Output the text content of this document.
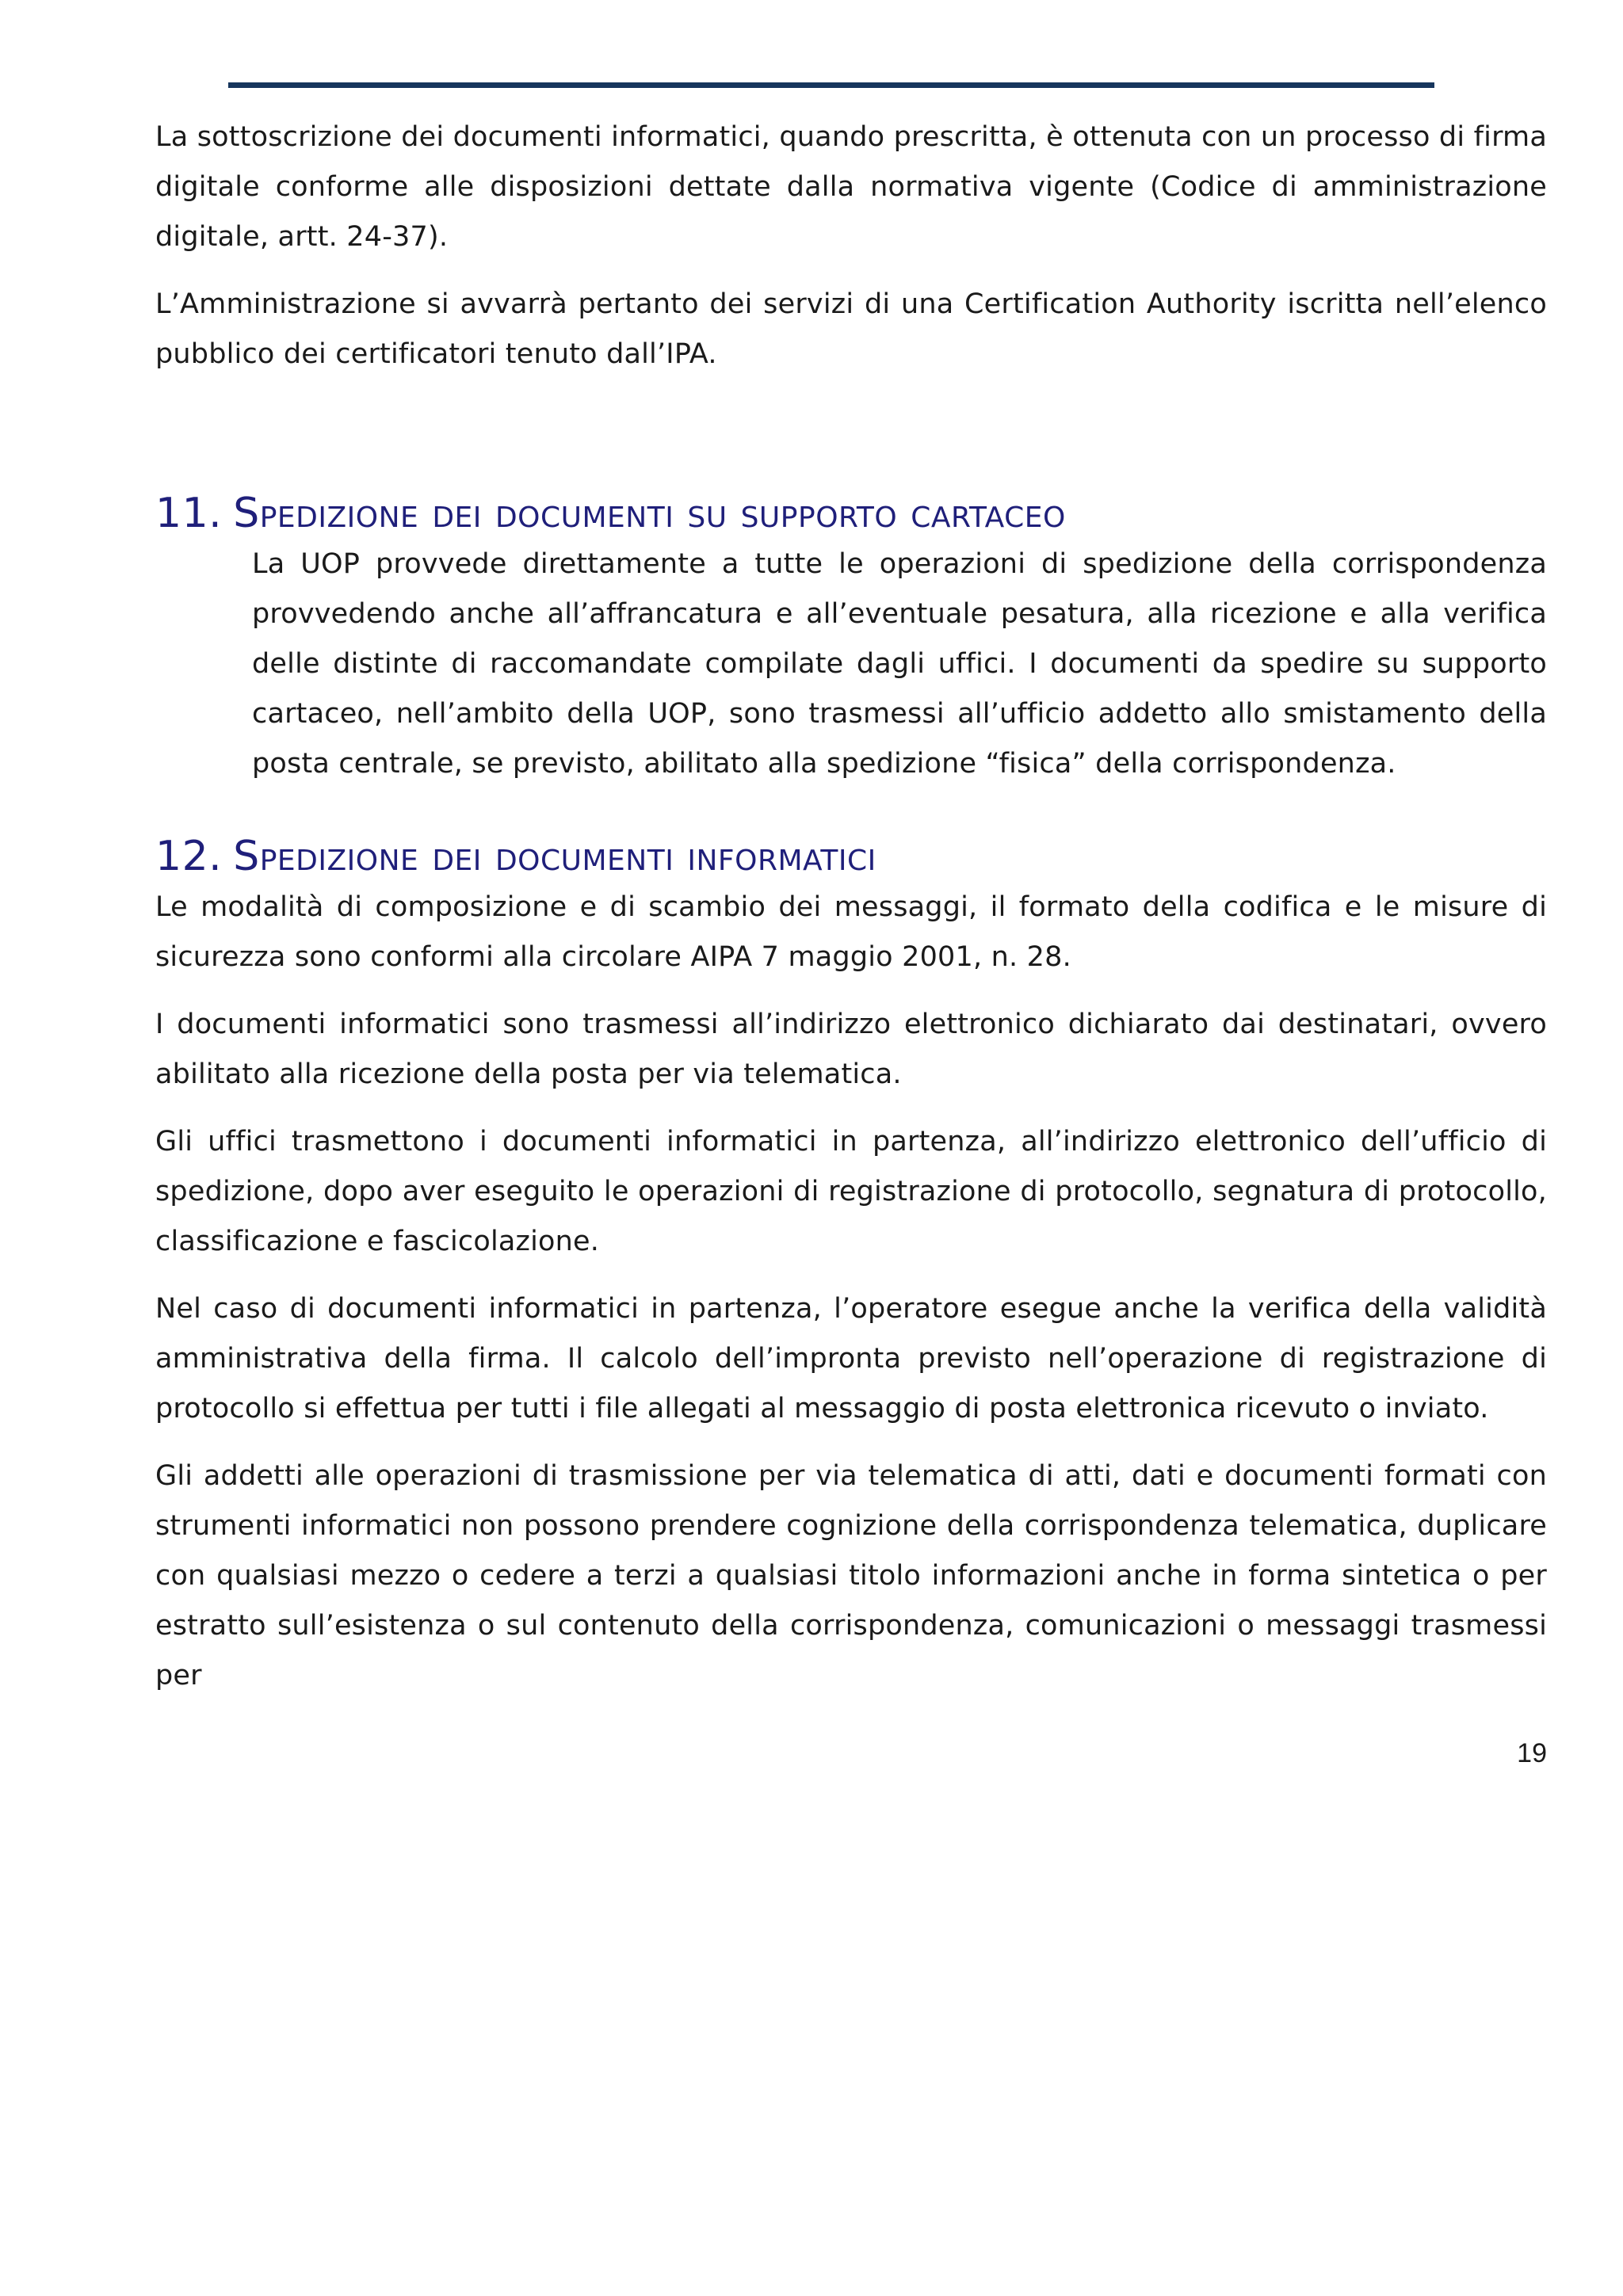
La sottoscrizione dei documenti informatici, quando prescritta, è ottenuta con un processo di firma digitale conforme alle disposizioni dettate dalla normativa vigente (Codice di amministrazione digitale, artt. 24-37).

L’Amministrazione si avvarrà pertanto dei servizi di una Certification Authority iscritta nell’elenco pubblico dei certificatori tenuto dall’IPA.

11. Spedizione dei documenti su supporto cartaceo

La UOP provvede direttamente a tutte le operazioni di spedizione della corrispondenza provvedendo anche all’affrancatura e all’eventuale pesatura, alla ricezione e alla verifica delle distinte di raccomandate compilate dagli uffici. I documenti da spedire su supporto cartaceo, nell’ambito della UOP, sono trasmessi all’ufficio addetto allo smistamento della posta centrale, se previsto, abilitato alla spedizione “fisica” della corrispondenza.

12. Spedizione dei documenti informatici

Le modalità di composizione e di scambio dei messaggi, il formato della codifica e le misure di sicurezza sono conformi alla circolare AIPA 7 maggio 2001, n. 28.

I documenti informatici sono trasmessi all’indirizzo elettronico dichiarato dai destinatari, ovvero abilitato alla ricezione della posta per via telematica.

Gli uffici trasmettono i documenti informatici in partenza, all’indirizzo elettronico dell’ufficio di spedizione, dopo aver eseguito le operazioni di registrazione di protocollo, segnatura di protocollo, classificazione e fascicolazione.

Nel caso di documenti informatici in partenza, l’operatore esegue anche la verifica della validità amministrativa della firma. Il calcolo dell’impronta previsto nell’operazione di registrazione di protocollo si effettua per tutti i file allegati al messaggio di posta elettronica ricevuto o inviato.

Gli addetti alle operazioni di trasmissione per via telematica di atti, dati e documenti formati con strumenti informatici non possono prendere cognizione della corrispondenza telematica, duplicare con qualsiasi mezzo o cedere a terzi a qualsiasi titolo informazioni anche in forma sintetica o per estratto sull’esistenza o sul contenuto della corrispondenza, comunicazioni o messaggi trasmessi per

19
